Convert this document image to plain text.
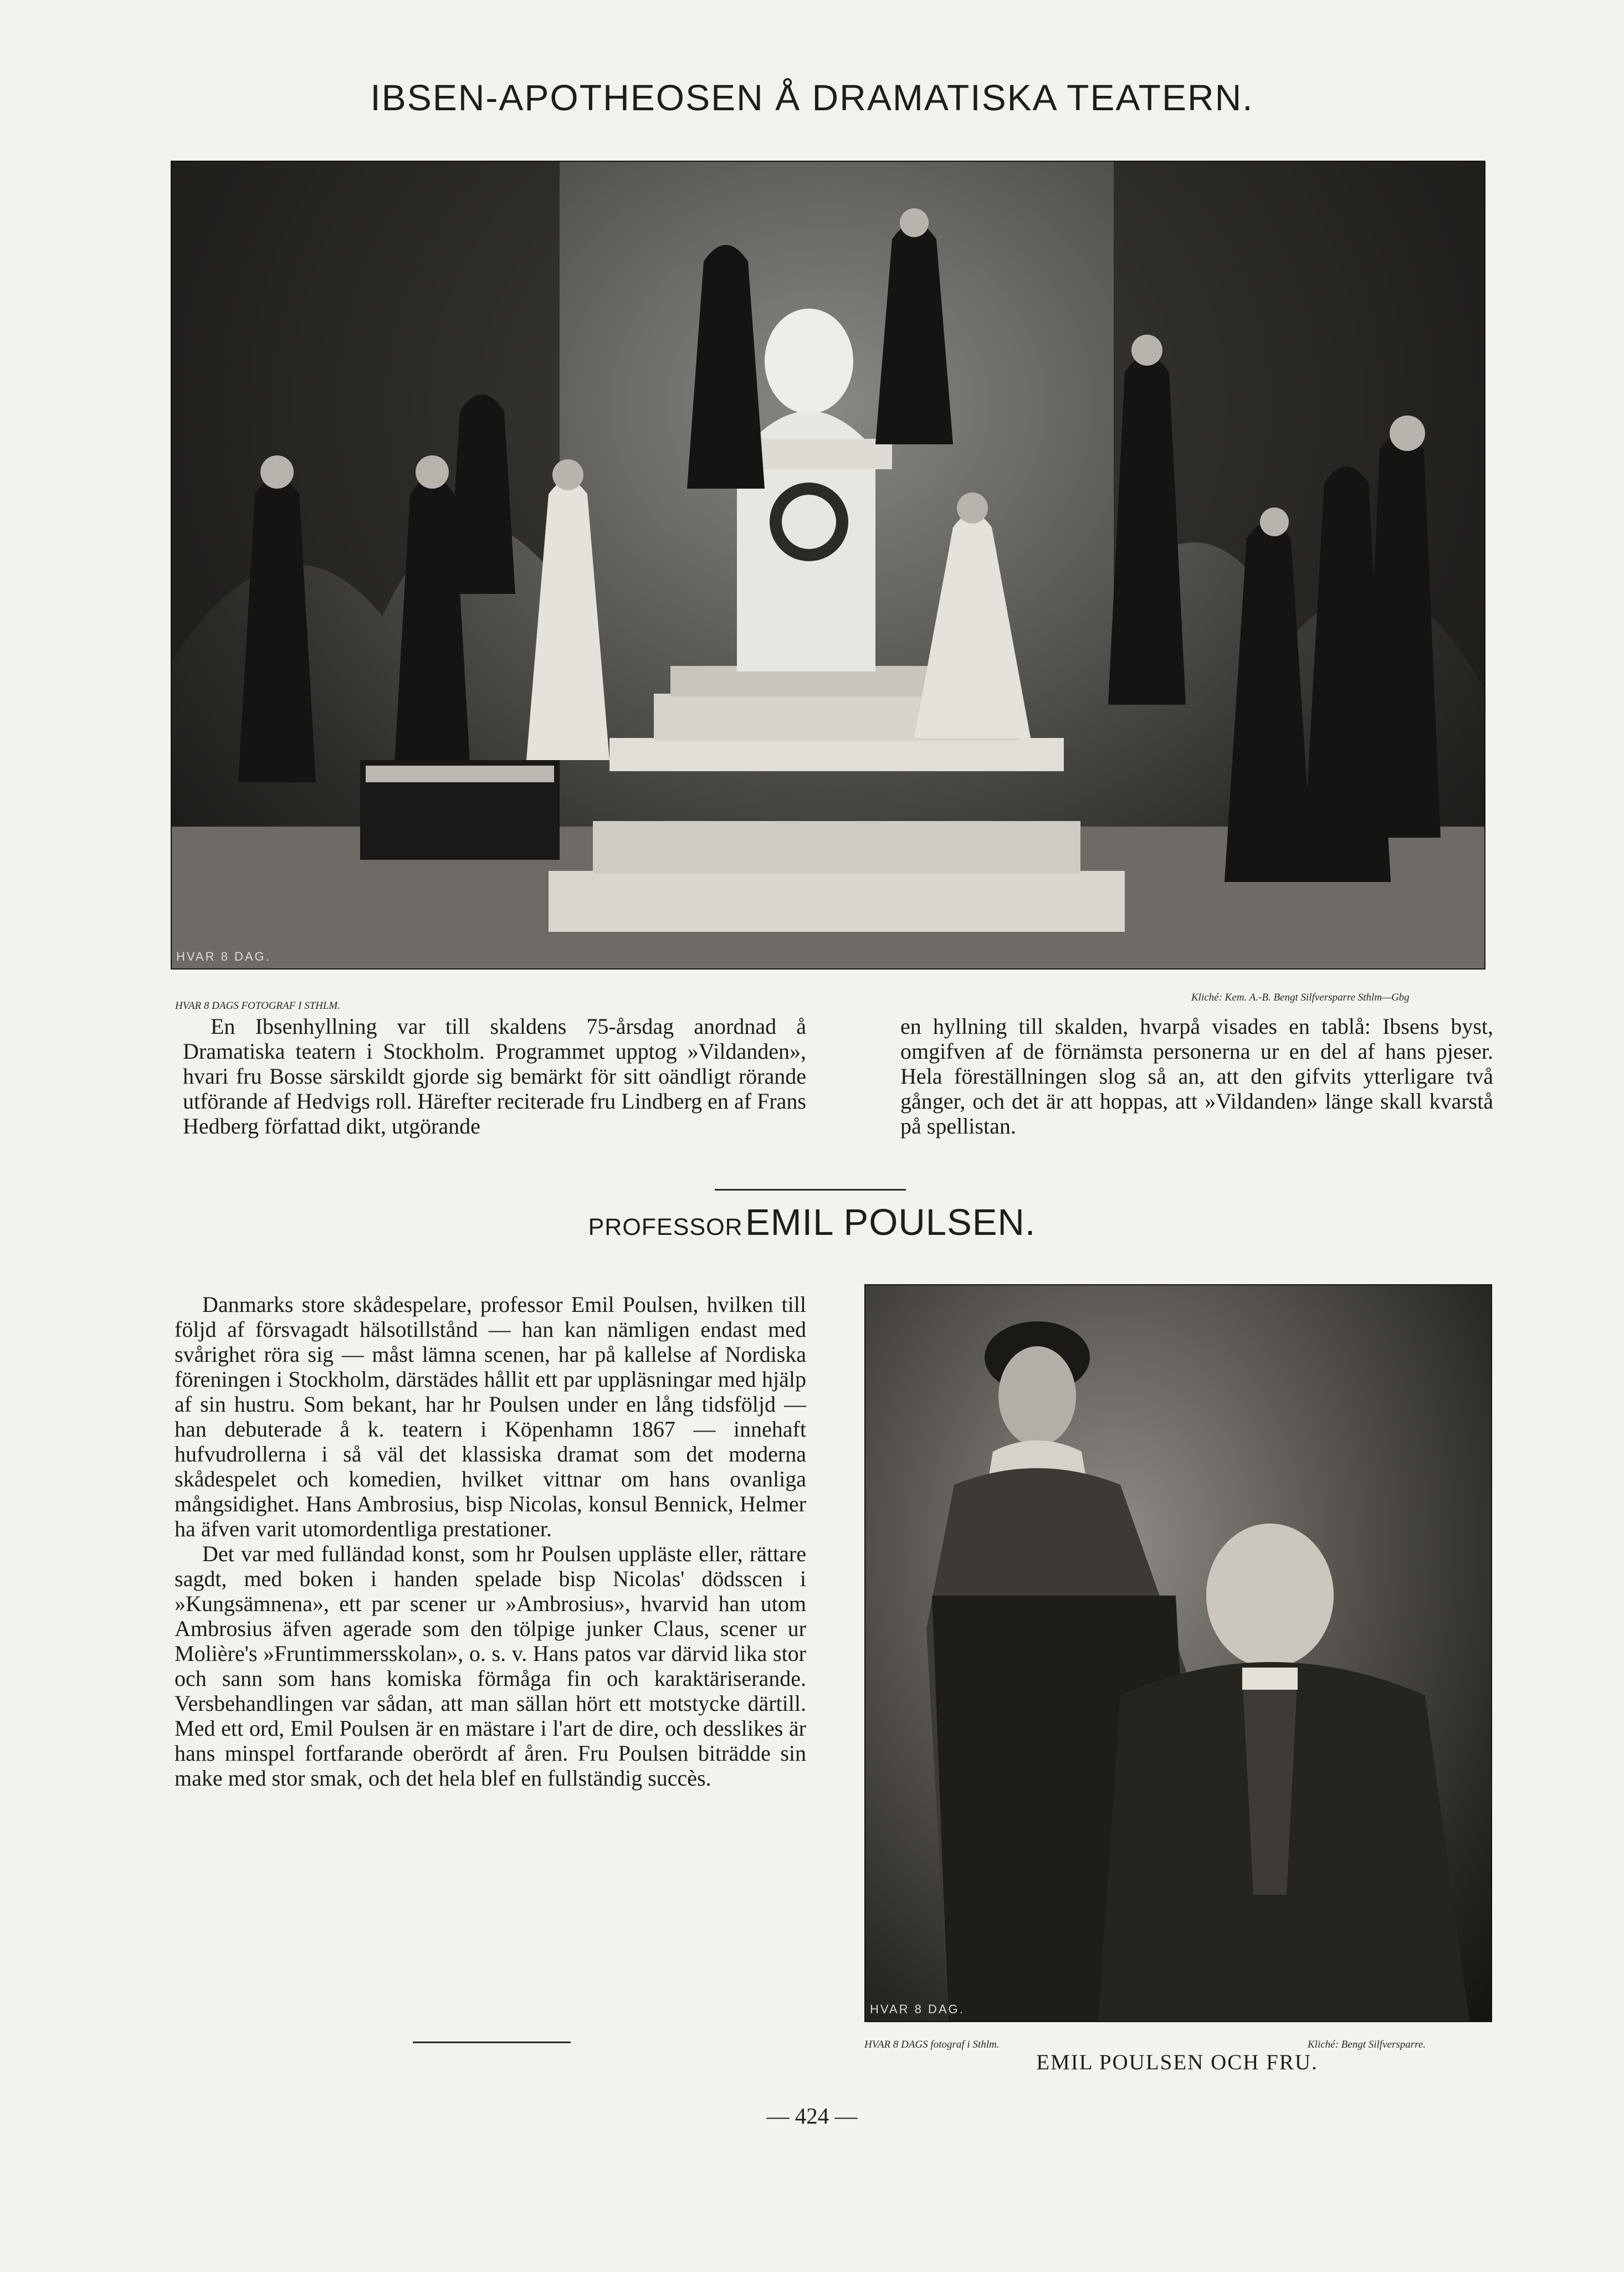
IBSEN-APOTHEOSEN Å DRAMATISKA TEATERN.
HVAR 8 DAG.
HVAR 8 DAGS FOTOGRAF I STHLM.
Kliché: Kem. A.-B. Bengt Silfversparre Sthlm—Gbg

En Ibsenhyllning var till skaldens 75-årsdag anordnad å Dramatiska teatern i Stockholm. Programmet upptog »Vildanden», hvari fru Bosse särskildt gjorde sig bemärkt för sitt oändligt rörande utförande af Hedvigs roll. Härefter reciterade fru Lindberg en af Frans Hedberg författad dikt, utgörande

en hyllning till skalden, hvarpå visades en tablå: Ibsens byst, omgifven af de förnämsta personerna ur en del af hans pjeser. Hela föreställningen slog så an, att den gifvits ytterligare två gånger, och det är att hoppas, att »Vildanden» länge skall kvarstå på spellistan.

PROFESSOR EMIL POULSEN.

Danmarks store skådespelare, professor Emil Poulsen, hvilken till följd af försvagadt hälsotillstånd — han kan nämligen endast med svårighet röra sig — måst lämna scenen, har på kallelse af Nordiska föreningen i Stockholm, därstädes hållit ett par uppläsningar med hjälp af sin hustru. Som bekant, har hr Poulsen under en lång tidsföljd — han debuterade å k. teatern i Köpenhamn 1867 — innehaft hufvudrollerna i så väl det klassiska dramat som det moderna skådespelet och komedien, hvilket vittnar om hans ovanliga mångsidighet. Hans Ambrosius, bisp Nicolas, konsul Bennick, Helmer ha äfven varit utomordentliga prestationer.

Det var med fulländad konst, som hr Poulsen uppläste eller, rättare sagdt, med boken i handen spelade bisp Nicolas' dödsscen i »Kungsämnena», ett par scener ur »Ambrosius», hvarvid han utom Ambrosius äfven agerade som den tölpige junker Claus, scener ur Molière's »Fruntimmersskolan», o. s. v. Hans patos var därvid lika stor och sann som hans komiska förmåga fin och karaktäriserande. Versbehandlingen var sådan, att man sällan hört ett motstycke därtill. Med ett ord, Emil Poulsen är en mästare i l'art de dire, och desslikes är hans minspel fortfarande oberördt af åren. Fru Poulsen biträdde sin make med stor smak, och det hela blef en fullständig succès.

HVAR 8 DAG.
HVAR 8 DAGS fotograf i Sthlm.	Kliché: Bengt Silfversparre.
EMIL POULSEN OCH FRU.
— 424 —
